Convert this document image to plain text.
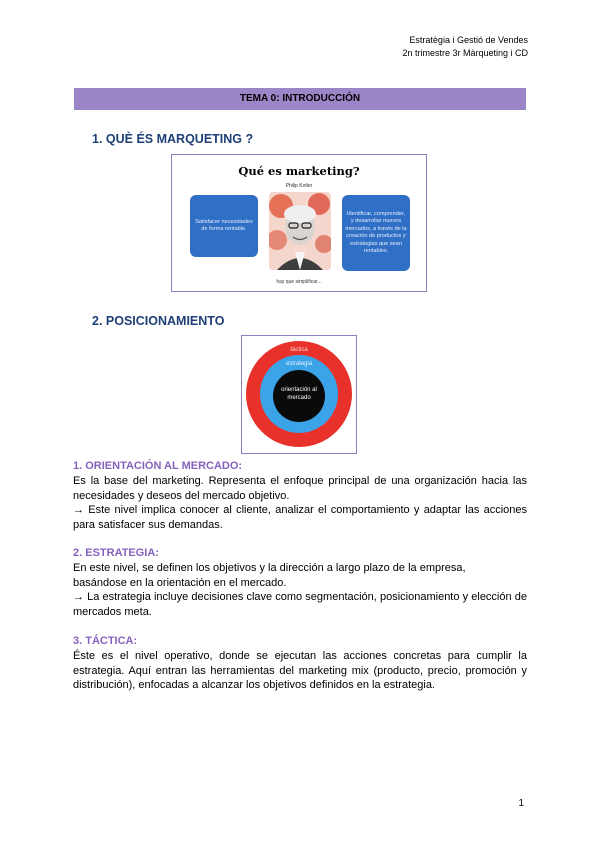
Estratègia i Gestió de Vendes
2n trimestre 3r Màrqueting i CD
TEMA 0: INTRODUCCIÓN
1. QUÈ ÉS MARQUETING ?
Qué es marketing?
Philip Kotler
Satisfacer necesidades de forma rentable.
Identificar, comprender, y desarrollar nuevos mercados, a través de la creación de productos y estrategias que sean rentables.
hay que simplificar...
2. POSICIONAMIENTO
táctica
estrategia
orientación al mercado
1. ORIENTACIÓN AL MERCADO:
Es la base del marketing. Representa el enfoque principal de una organización hacia las necesidades y deseos del mercado objetivo.
→ Este nivel implica conocer al cliente, analizar el comportamiento y adaptar las acciones para satisfacer sus demandas.
2. ESTRATEGIA:
En este nivel, se definen los objetivos y la dirección a largo plazo de la empresa,
basándose en la orientación en el mercado.
→ La estrategia incluye decisiones clave como segmentación, posicionamiento y elección de mercados meta.
3. TÁCTICA:
Éste es el nivel operativo, donde se ejecutan las acciones concretas para cumplir la estrategia. Aquí entran las herramientas del marketing mix (producto, precio, promoción y distribución), enfocadas a alcanzar los objetivos definidos en la estrategia.
1
